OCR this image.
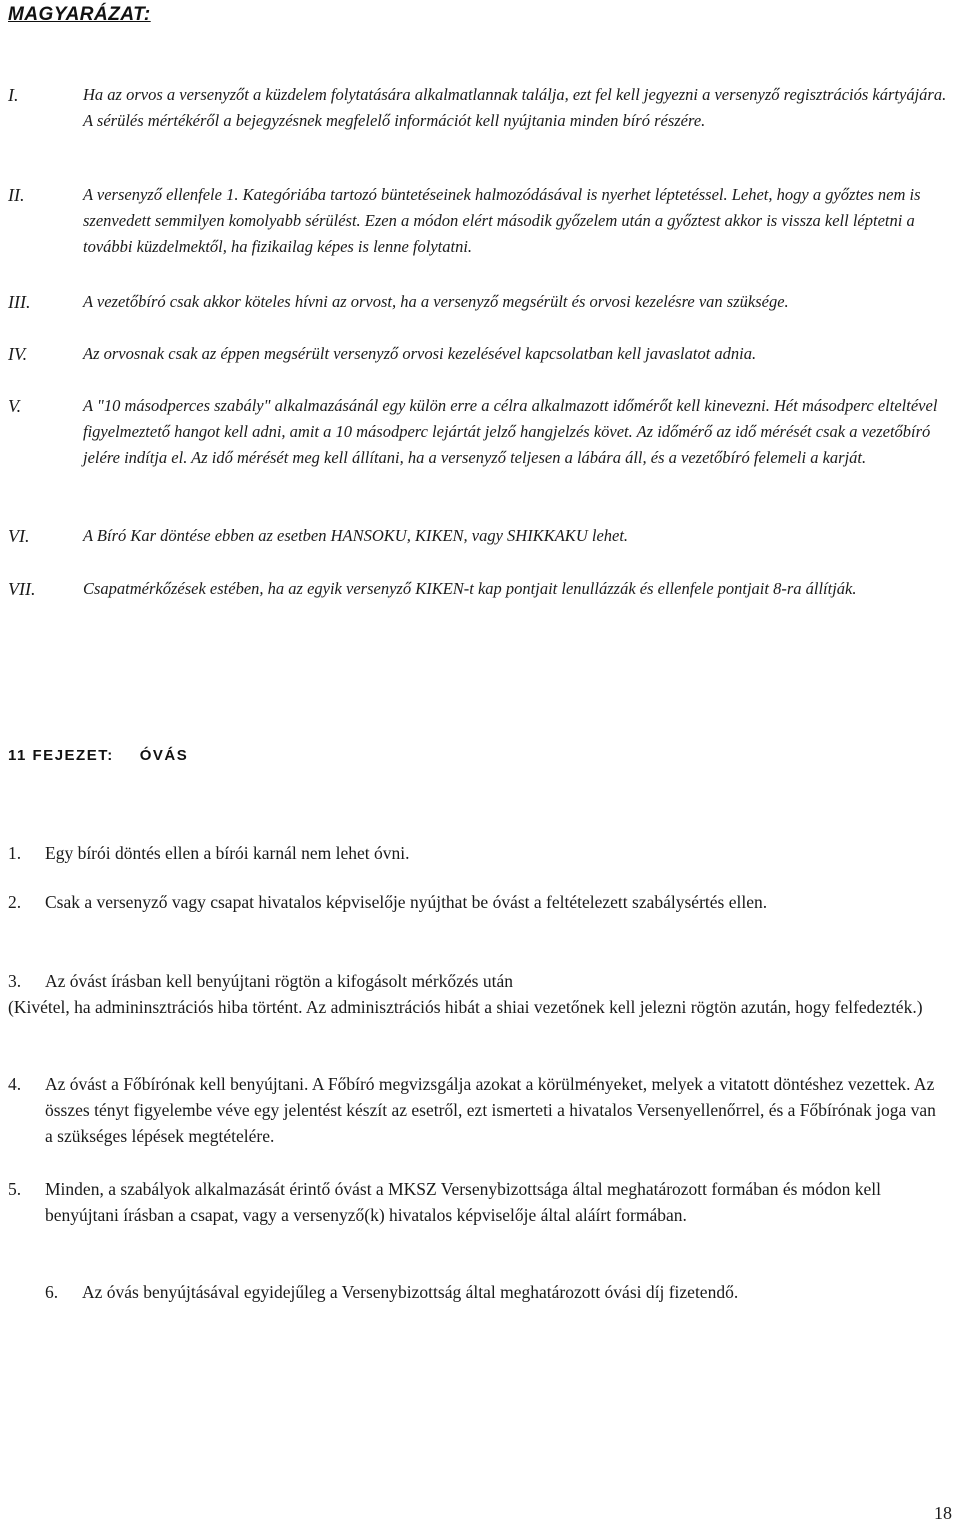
MAGYARÁZAT:
I.	Ha az orvos a versenyzőt a küzdelem folytatására alkalmatlannak találja, ezt fel kell jegyezni a versenyző regisztrációs kártyájára. A sérülés mértékéről a bejegyzésnek megfelelő információt kell nyújtania minden bíró részére.
II.	A versenyző ellenfele 1. Kategóriába tartozó büntetéseinek halmozódásával is nyerhet léptetéssel. Lehet, hogy a győztes nem is szenvedett semmilyen komolyabb sérülést. Ezen a módon elért második győzelem után a győztest akkor is vissza kell léptetni a további küzdelmektől, ha fizikailag képes is lenne folytatni.
III.	A vezetőbíró csak akkor köteles hívni az orvost, ha a versenyző megsérült és orvosi kezelésre van szüksége.
IV.	Az orvosnak csak az éppen megsérült versenyző orvosi kezelésével kapcsolatban kell javaslatot adnia.
V.	A "10 másodperces szabály" alkalmazásánál egy külön erre a célra alkalmazott időmérőt kell kinevezni. Hét másodperc elteltével figyelmeztető hangot kell adni, amit a 10 másodperc lejártát jelző hangjelzés követ. Az időmérő az idő mérését csak a vezetőbíró jelére indítja el. Az idő mérését meg kell állítani, ha a versenyző teljesen a lábára áll, és a vezetőbíró felemeli a karját.
VI.	A Bíró Kar döntése ebben az esetben HANSOKU, KIKEN, vagy SHIKKAKU lehet.
VII.	Csapatmérkőzések estében, ha az egyik versenyző KIKEN-t kap pontjait lenullázzák és ellenfele pontjait 8-ra állítják.
11 FEJEZET: ÓVÁS
1. Egy bírói döntés ellen a bírói karnál nem lehet óvni.
2. Csak a versenyző vagy csapat hivatalos képviselője nyújthat be óvást a feltételezett szabálysértés ellen.
3. Az óvást írásban kell benyújtani rögtön a kifogásolt mérkőzés után
(Kivétel, ha admininsztrációs hiba történt. Az adminisztrációs hibát a shiai vezetőnek kell jelezni rögtön azután, hogy felfedezték.)
4. Az óvást a Főbírónak kell benyújtani. A Főbíró megvizsgálja azokat a körülményeket, melyek a vitatott döntéshez vezettek. Az összes tényt figyelembe véve egy jelentést készít az esetről, ezt ismerteti a hivatalos Versenyellenőrrel, és a Főbírónak joga van a szükséges lépések megtételére.
5. Minden, a szabályok alkalmazását érintő óvást a MKSZ Versenybizottsága által meghatározott formában és módon kell benyújtani írásban a csapat, vagy a versenyző(k) hivatalos képviselője által aláírt formában.
6. Az óvás benyújtásával egyidejűleg a Versenybizottság által meghatározott óvási díj fizetendő.
18
